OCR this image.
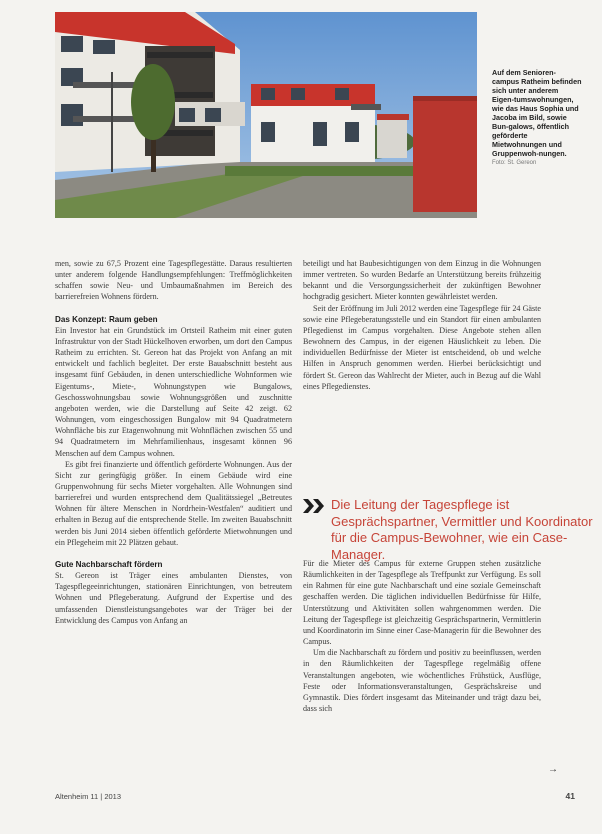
Auf dem Senioren-campus Ratheim befinden sich unter anderem Eigen-tumswohnungen, wie das Haus Sophia und Jacoba im Bild, sowie Bun-galows, öffentlich geförderte Mietwohnungen und Gruppenwoh-nungen.
Foto: St. Gereon

men, sowie zu 67,5 Prozent eine Tagespflegestätte. Daraus resultierten unter anderem folgende Handlungsempfehlungen: Treffmöglichkeiten schaffen sowie Neu- und Umbaumaßnahmen im Bereich des barrierefreien Wohnens fördern.

Das Konzept: Raum geben

Ein Investor hat ein Grundstück im Ortsteil Ratheim mit einer guten Infrastruktur von der Stadt Hückelhoven erworben, um dort den Campus Ratheim zu errichten. St. Gereon hat das Projekt von Anfang an mit entwickelt und fachlich begleitet. Der erste Bauabschnitt besteht aus insgesamt fünf Gebäuden, in denen unterschiedliche Wohnformen wie Eigentums-, Miete-, Wohnungstypen wie Bungalows, Geschosswohnungsbau sowie Wohnungsgrößen und zuschnitte angeboten werden, wie die Darstellung auf Seite 42 zeigt. 62 Wohnungen, vom eingeschossigen Bungalow mit 94 Quadratmetern Wohnfläche bis zur Etagenwohnung mit Wohnflächen zwischen 55 und 94 Quadratmetern im Mehrfamilienhaus, insgesamt können 96 Menschen auf dem Campus wohnen.

Es gibt frei finanzierte und öffentlich geförderte Wohnungen. Aus der Sicht zur geringfügig größer. In einem Gebäude wird eine Gruppenwohnung für sechs Mieter vorgehalten. Alle Wohnungen sind barrierefrei und wurden entsprechend dem Qualitätssiegel „Betreutes Wohnen für ältere Menschen in Nordrhein-Westfalen“ auditiert und erhalten in Bezug auf die entsprechende Stelle. Im zweiten Bauabschnitt werden bis Juni 2014 sieben öffentlich geförderte Mietwohnungen und ein Pflegeheim mit 22 Plätzen gebaut.

Gute Nachbarschaft fördern

St. Gereon ist Träger eines ambulanten Dienstes, von Tagespflegeeinrichtungen, stationären Einrichtungen, von betreutem Wohnen und Pflegeberatung. Aufgrund der Expertise und des umfassenden Dienstleistungsangebotes war der Träger bei der Entwicklung des Campus von Anfang an

beteiligt und hat Baubesichtigungen von dem Einzug in die Wohnungen immer vertreten. So wurden Bedarfe an Unterstützung bereits frühzeitig bekannt und die Versorgungssicherheit der zukünftigen Bewohner hochgradig gesichert. Mieter konnten gewährleistet werden.

Seit der Eröffnung im Juli 2012 werden eine Tagespflege für 24 Gäste sowie eine Pflegeberatungsstelle und ein Standort für einen ambulanten Pflegedienst im Campus vorgehalten. Diese Angebote stehen allen Bewohnern des Campus, in der eigenen Häuslichkeit zu leben. Die individuellen Bedürfnisse der Mieter ist entscheidend, ob und welche Hilfen in Anspruch genommen werden. Hierbei berücksichtigt und fördert St. Gereon das Wahlrecht der Mieter, auch in Bezug auf die Wahl eines Pflegedienstes.

Die Leitung der Tagespflege ist Gesprächspartner, Vermittler und Koordinator für die Campus-Bewohner, wie ein Case-Manager.

Für die Mieter des Campus für externe Gruppen stehen zusätzliche Räumlichkeiten in der Tagespflege als Treffpunkt zur Verfügung. Es soll ein Rahmen für eine gute Nachbarschaft und eine soziale Gemeinschaft geschaffen werden. Die täglichen individuellen Bedürfnisse für Hilfe, Unterstützung und Aktivitäten sollen wahrgenommen werden. Die Leitung der Tagespflege ist gleichzeitig Gesprächspartnerin, Vermittlerin und Koordinatorin im Sinne einer Case-Managerin für die Bewohner des Campus.

Um die Nachbarschaft zu fördern und positiv zu beeinflussen, werden in den Räumlichkeiten der Tagespflege regelmäßig offene Veranstaltungen angeboten, wie wöchentliches Frühstück, Ausflüge, Feste oder Informationsveranstaltungen, Gesprächskreise und Gymnastik. Dies fördert insgesamt das Miteinander und trägt dazu bei, dass sich

→
Altenheim 11 | 2013	41
